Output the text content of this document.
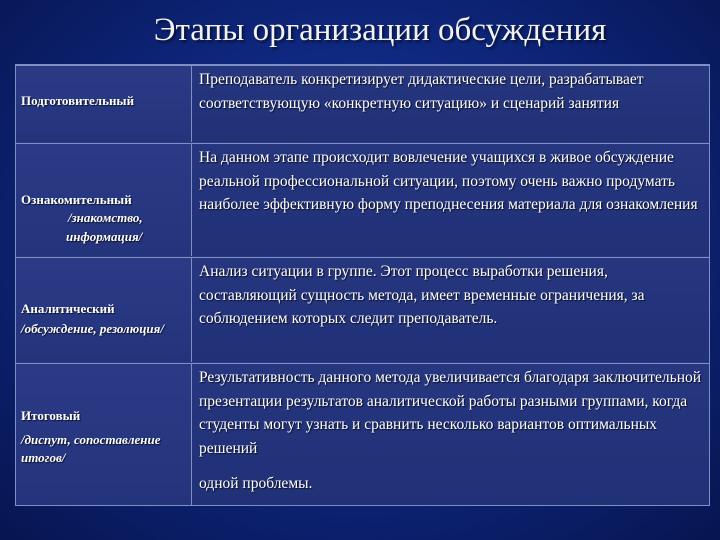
Этапы организации обсуждения
Подготовительный
Преподаватель конкретизирует дидактические цели, разрабатывает соответствующую «конкретную ситуацию» и сценарий занятия
Ознакомительный
/знакомство,
информация/
На данном этапе происходит вовлечение учащихся в живое обсуждение реальной профессиональной ситуации, поэтому очень важно продумать наиболее эффективную форму преподнесения материала для ознакомления
Аналитический
Анализ ситуации в группе. Этот процесс выработки решения, составляющий сущность метода, имеет временные ограничения, за соблюдением которых следит преподаватель.
/обсуждение, резолюция/
Итоговый
/диспут, сопоставление
итогов/
Результативность данного метода увеличивается благодаря заключительной презентации результатов аналитической работы разными группами, когда студенты могут узнать и сравнить несколько вариантов оптимальных решений
одной проблемы.
